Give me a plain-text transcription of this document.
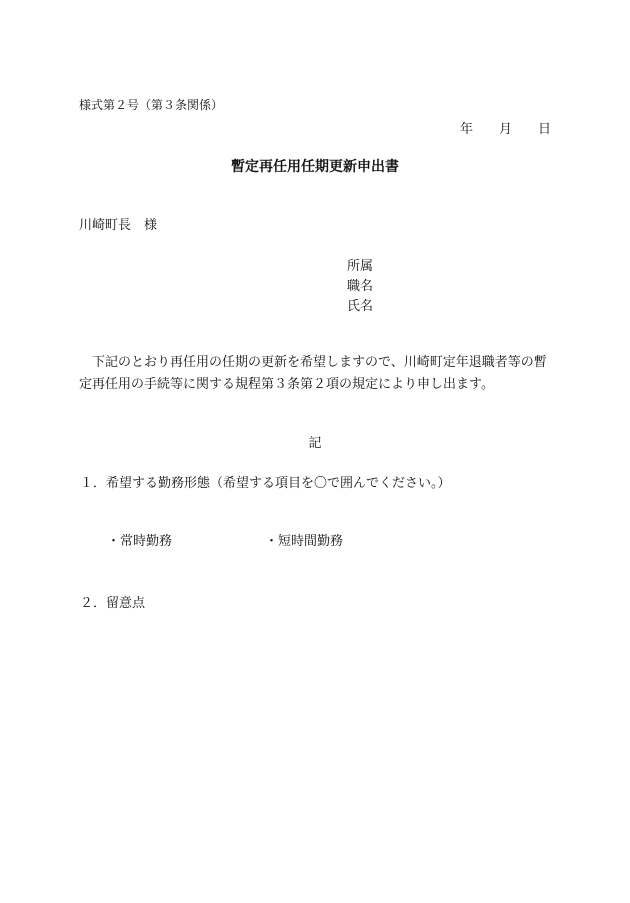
様式第２号（第３条関係）
年 月 日
暫定再任用任期更新申出書
川崎町長　様
所属
職名
氏名
　下記のとおり再任用の任期の更新を希望しますので、川崎町定年退職者等の暫
定再任用の手続等に関する規程第３条第２項の規定により申し出ます。
記
１．希望する勤務形態（希望する項目を〇で囲んでください。）
・常時勤務	・短時間勤務
２．留意点
